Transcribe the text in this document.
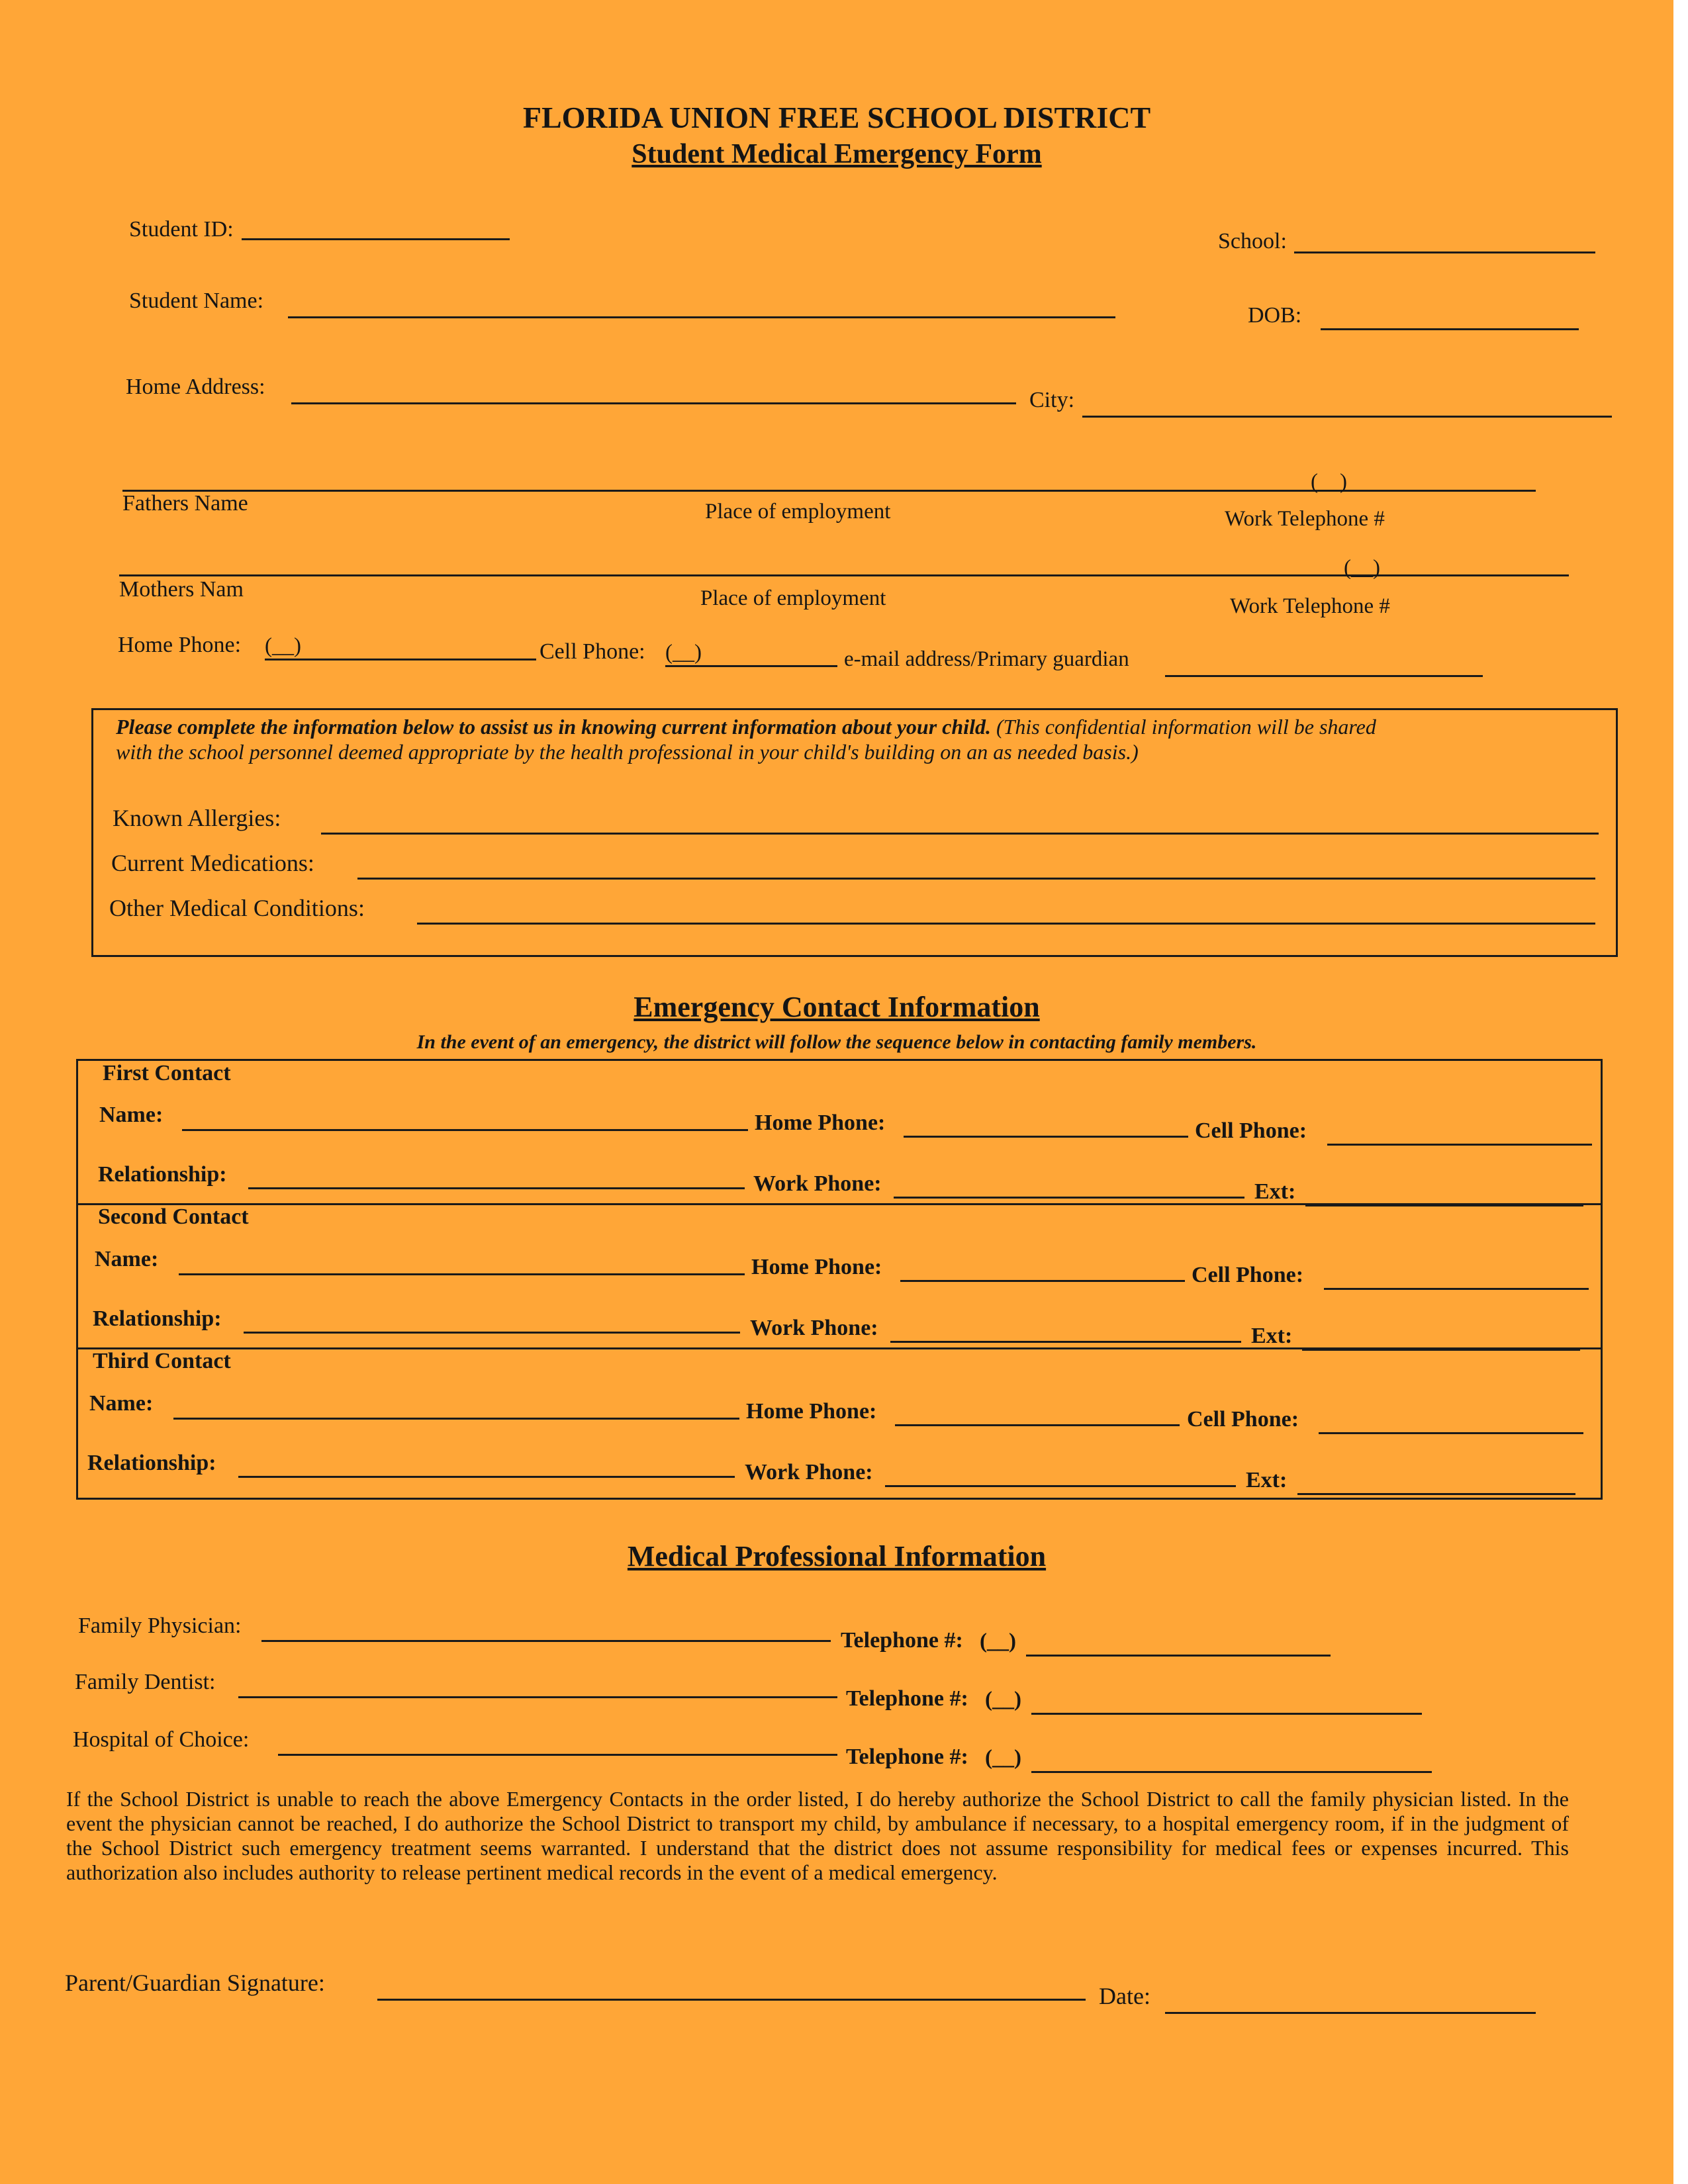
FLORIDA UNION FREE SCHOOL DISTRICT
Student Medical Emergency Form
Student ID:	School:
Student Name:
DOB:
Home Address:
City:
(__)
Fathers Name	Place of employment	Work Telephone #
(__)
Mothers Nam	Place of employment	Work Telephone #
Home Phone: (__)	Cell Phone: (__)	e-mail address/Primary guardian
Please complete the information below to assist us in knowing current information about your child. (This confidential information will be shared
with the school personnel deemed appropriate by the health professional in your child's building on an as needed basis.)
Known Allergies:
Current Medications:
Other Medical Conditions:
Emergency Contact Information
In the event of an emergency, the district will follow the sequence below in contacting family members.
First Contact
Name:	Home Phone:	Cell Phone:
Relationship:	Work Phone:	Ext:
Second Contact
Name:	Home Phone:	Cell Phone:
Relationship:	Work Phone:	Ext:
Third Contact
Name:	Home Phone:	Cell Phone:
Relationship:	Work Phone:	Ext:
Medical Professional Information
Family Physician:
Telephone #: (__)
Family Dentist:
Telephone #: (__)
Hospital of Choice:
Telephone #: (__)
If the School District is unable to reach the above Emergency Contacts in the order listed, I do hereby authorize the School District to call the family physician listed. In the event the physician cannot be reached, I do authorize the School District to transport my child, by ambulance if necessary, to a hospital emergency room, if in the judgment of the School District such emergency treatment seems warranted. I understand that the district does not assume responsibility for medical fees or expenses incurred. This authorization also includes authority to release pertinent medical records in the event of a medical emergency.
Parent/Guardian Signature:	Date:
